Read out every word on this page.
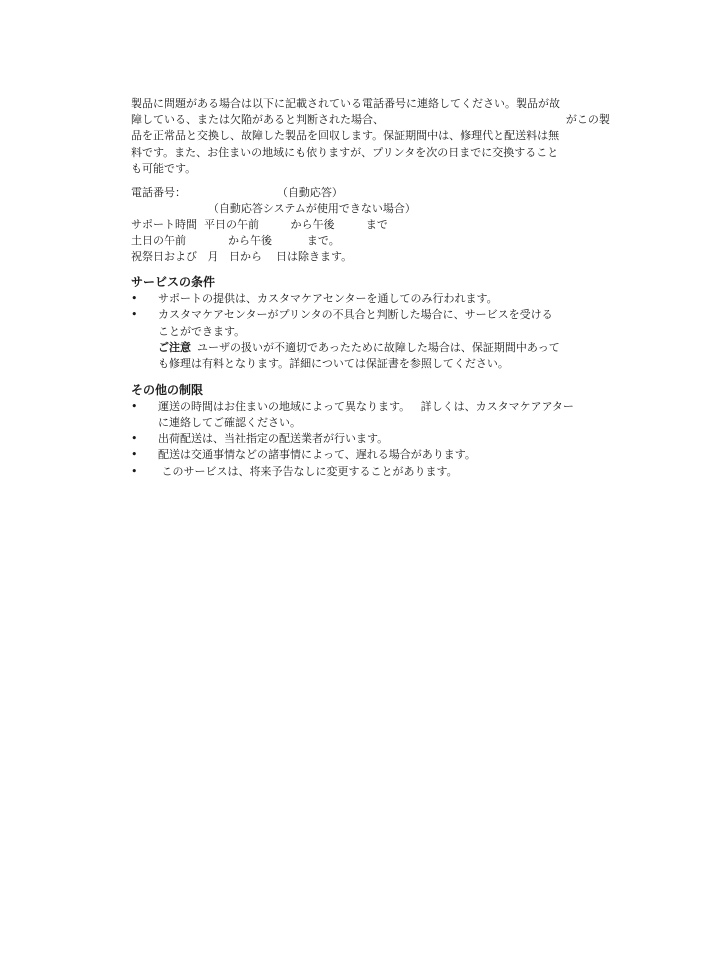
製品に問題がある場合は以下に記載されている電話番号に連絡してください。製品が故
障している、または欠陥があると判断された場合、                                                    がこの製
品を正常品と交換し、故障した製品を回収します。保証期間中は、修理代と配送料は無
料です。また、お住まいの地域にも依りますが、プリンタを次の日までに交換すること
も可能です。

電話番号：                          （自動応答）
（自動応答システムが使用できない場合）
サポート時間  平日の午前         から午後         まで
土日の午前            から午後          まで。
祝祭日および   月   日から    日は除きます。
サービスの条件
• サポートの提供は、カスタマケアセンターを通してのみ行われます。
• カスタマケアセンターがプリンタの不具合と判断した場合に、サービスを受ける
ことができます。
ご注意 ユーザの扱いが不適切であったために故障した場合は、保証期間中あって
も修理は有料となります。詳細については保証書を参照してください。
その他の制限
• 運送の時間はお住まいの地域によって異なります。   詳しくは、カスタマケアアター
に連絡してご確認ください。
• 出荷配送は、当社指定の配送業者が行います。
• 配送は交通事情などの諸事情によって、遅れる場合があります。
• このサービスは、将来予告なしに変更することがあります。
